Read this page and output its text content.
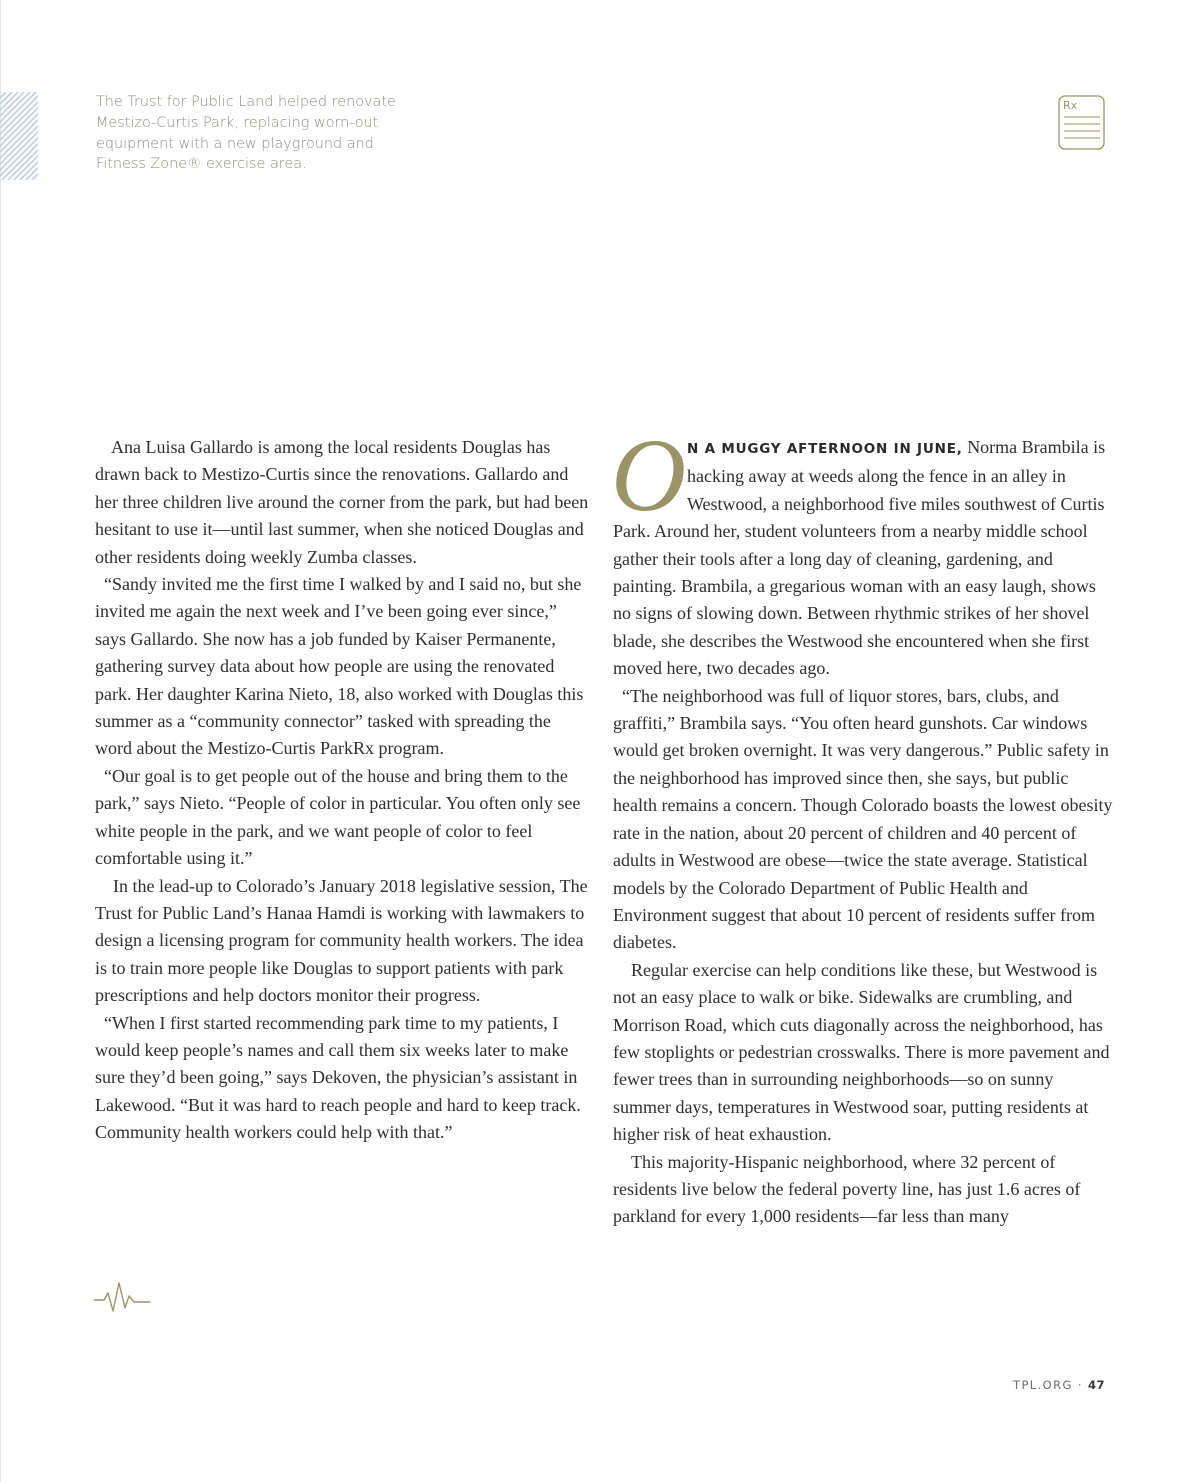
The Trust for Public Land helped renovate Mestizo-Curtis Park, replacing worn-out equipment with a new playground and Fitness Zone® exercise area.

Rx

Ana Luisa Gallardo is among the local residents Douglas has drawn back to Mestizo-Curtis since the renovations. Gallardo and her three children live around the corner from the park, but had been hesitant to use it—until last summer, when she noticed Douglas and other residents doing weekly Zumba classes.

“Sandy invited me the first time I walked by and I said no, but she invited me again the next week and I’ve been going ever since,” says Gallardo. She now has a job funded by Kaiser Permanente, gathering survey data about how people are using the renovated park. Her daughter Karina Nieto, 18, also worked with Douglas this summer as a “community connector” tasked with spreading the word about the Mestizo-Curtis ParkRx program.

“Our goal is to get people out of the house and bring them to the park,” says Nieto. “People of color in particular. You often only see white people in the park, and we want people of color to feel comfortable using it.”

In the lead-up to Colorado’s January 2018 legislative session, The Trust for Public Land’s Hanaa Hamdi is working with lawmakers to design a licensing program for community health workers. The idea is to train more people like Douglas to support patients with park prescriptions and help doctors monitor their progress.

“When I first started recommending park time to my patients, I would keep people’s names and call them six weeks later to make sure they’d been going,” says Dekoven, the physician’s assistant in Lakewood. “But it was hard to reach people and hard to keep track. Community health workers could help with that.”

ON A MUGGY AFTERNOON IN JUNE, Norma Brambila is hacking away at weeds along the fence in an alley in Westwood, a neighborhood five miles southwest of Curtis Park. Around her, student volunteers from a nearby middle school gather their tools after a long day of cleaning, gardening, and painting. Brambila, a gregarious woman with an easy laugh, shows no signs of slowing down. Between rhythmic strikes of her shovel blade, she describes the Westwood she encountered when she first moved here, two decades ago.

“The neighborhood was full of liquor stores, bars, clubs, and graffiti,” Brambila says. “You often heard gunshots. Car windows would get broken overnight. It was very dangerous.” Public safety in the neighborhood has improved since then, she says, but public health remains a concern. Though Colorado boasts the lowest obesity rate in the nation, about 20 percent of children and 40 percent of adults in Westwood are obese—twice the state average. Statistical models by the Colorado Department of Public Health and Environment suggest that about 10 percent of residents suffer from diabetes.

Regular exercise can help conditions like these, but Westwood is not an easy place to walk or bike. Sidewalks are crumbling, and Morrison Road, which cuts diagonally across the neighborhood, has few stoplights or pedestrian crosswalks. There is more pavement and fewer trees than in surrounding neighborhoods—so on sunny summer days, temperatures in Westwood soar, putting residents at higher risk of heat exhaustion.

This majority-Hispanic neighborhood, where 32 percent of residents live below the federal poverty line, has just 1.6 acres of parkland for every 1,000 residents—far less than many

TPL.ORG · 47
